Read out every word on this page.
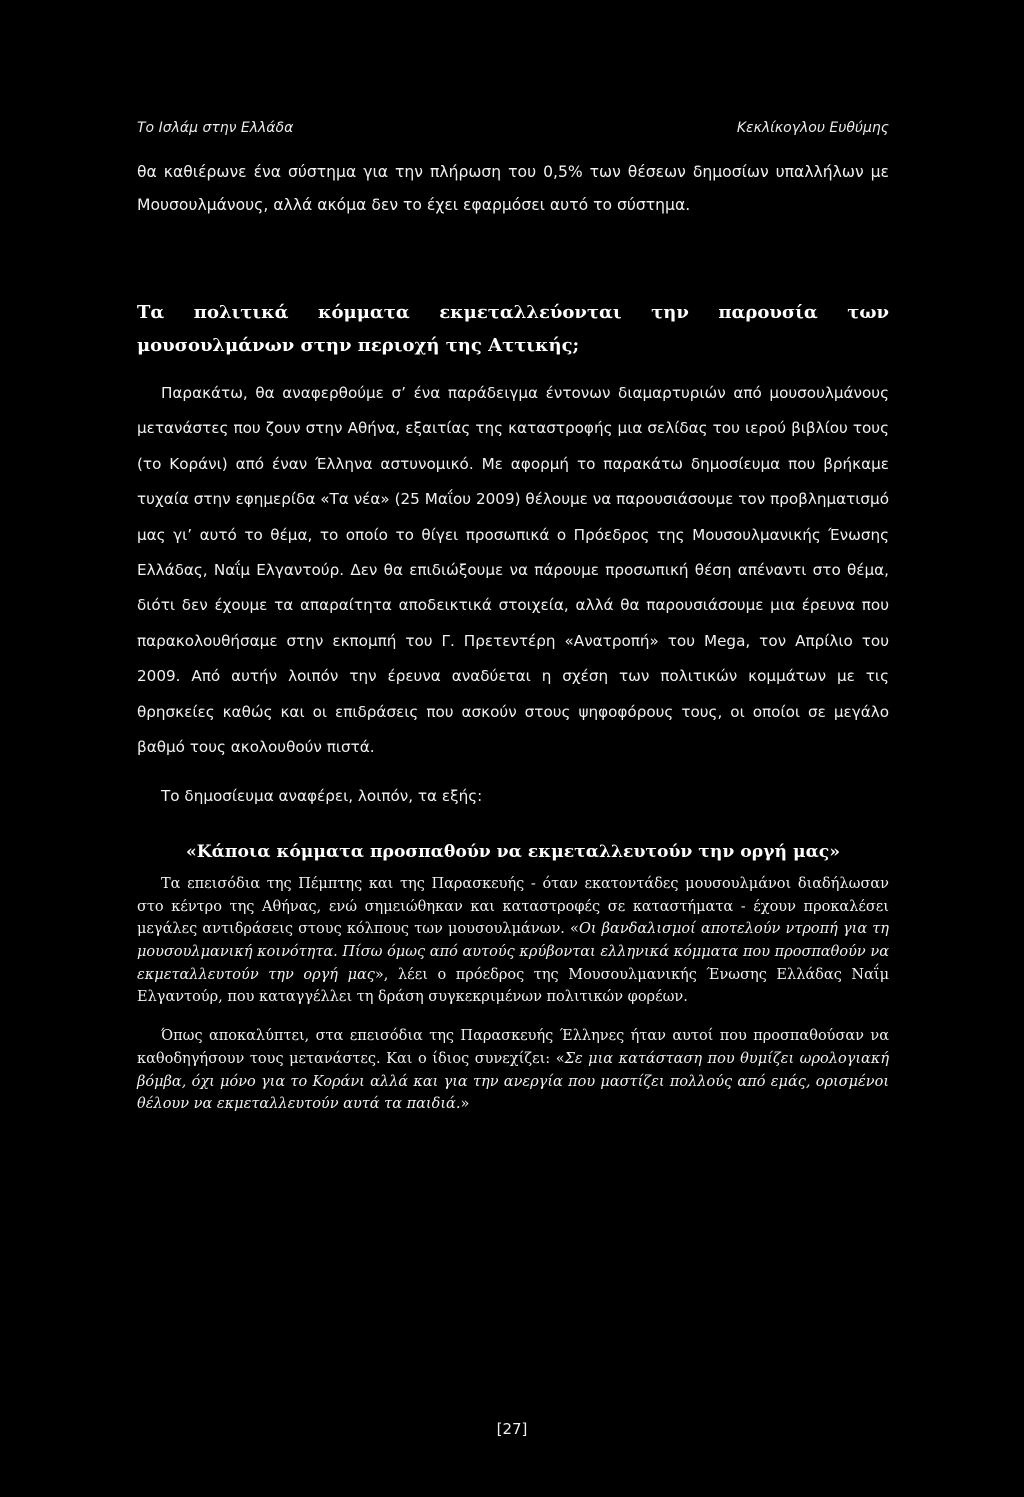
Το Ισλάμ στην Ελλάδα	Κεκλίκογλου Ευθύμης

θα καθιέρωνε ένα σύστημα για την πλήρωση του 0,5% των θέσεων δημοσίων υπαλλήλων με Μουσουλμάνους, αλλά ακόμα δεν το έχει εφαρμόσει αυτό το σύστημα.

Τα πολιτικά κόμματα εκμεταλλεύονται την παρουσία των μουσουλμάνων στην περιοχή της Αττικής;

Παρακάτω, θα αναφερθούμε σ’ ένα παράδειγμα έντονων διαμαρτυριών από μουσουλμάνους μετανάστες που ζουν στην Αθήνα, εξαιτίας της καταστροφής μια σελίδας του ιερού βιβλίου τους (το Κοράνι) από έναν Έλληνα αστυνομικό. Με αφορμή το παρακάτω δημοσίευμα που βρήκαμε τυχαία στην εφημερίδα «Τα νέα» (25 Μαΐου 2009) θέλουμε να παρουσιάσουμε τον προβληματισμό μας γι’ αυτό το θέμα, το οποίο το θίγει προσωπικά ο Πρόεδρος της Μουσουλμανικής Ένωσης Ελλάδας, Ναΐμ Ελγαντούρ. Δεν θα επιδιώξουμε να πάρουμε προσωπική θέση απέναντι στο θέμα, διότι δεν έχουμε τα απαραίτητα αποδεικτικά στοιχεία, αλλά θα παρουσιάσουμε μια έρευνα που παρακολουθήσαμε στην εκπομπή του Γ. Πρετεντέρη «Ανατροπή» του Mega, τον Απρίλιο του 2009. Από αυτήν λοιπόν την έρευνα αναδύεται η σχέση των πολιτικών κομμάτων με τις θρησκείες καθώς και οι επιδράσεις που ασκούν στους ψηφοφόρους τους, οι οποίοι σε μεγάλο βαθμό τους ακολουθούν πιστά.

Το δημοσίευμα αναφέρει, λοιπόν, τα εξής:

«Κάποια κόμματα προσπαθούν να εκμεταλλευτούν την οργή μας»

Τα επεισόδια της Πέμπτης και της Παρασκευής - όταν εκατοντάδες μουσουλμάνοι διαδήλωσαν στο κέντρο της Αθήνας, ενώ σημειώθηκαν και καταστροφές σε καταστήματα - έχουν προκαλέσει μεγάλες αντιδράσεις στους κόλπους των μουσουλμάνων. «Οι βανδαλισμοί αποτελούν ντροπή για τη μουσουλμανική κοινότητα. Πίσω όμως από αυτούς κρύβονται ελληνικά κόμματα που προσπαθούν να εκμεταλλευτούν την οργή μας», λέει ο πρόεδρος της Μουσουλμανικής Ένωσης Ελλάδας Ναΐμ Ελγαντούρ, που καταγγέλλει τη δράση συγκεκριμένων πολιτικών φορέων.

Όπως αποκαλύπτει, στα επεισόδια της Παρασκευής Έλληνες ήταν αυτοί που προσπαθούσαν να καθοδηγήσουν τους μετανάστες. Και ο ίδιος συνεχίζει: «Σε μια κατάσταση που θυμίζει ωρολογιακή βόμβα, όχι μόνο για το Κοράνι αλλά και για την ανεργία που μαστίζει πολλούς από εμάς, ορισμένοι θέλουν να εκμεταλλευτούν αυτά τα παιδιά.»

[27]
